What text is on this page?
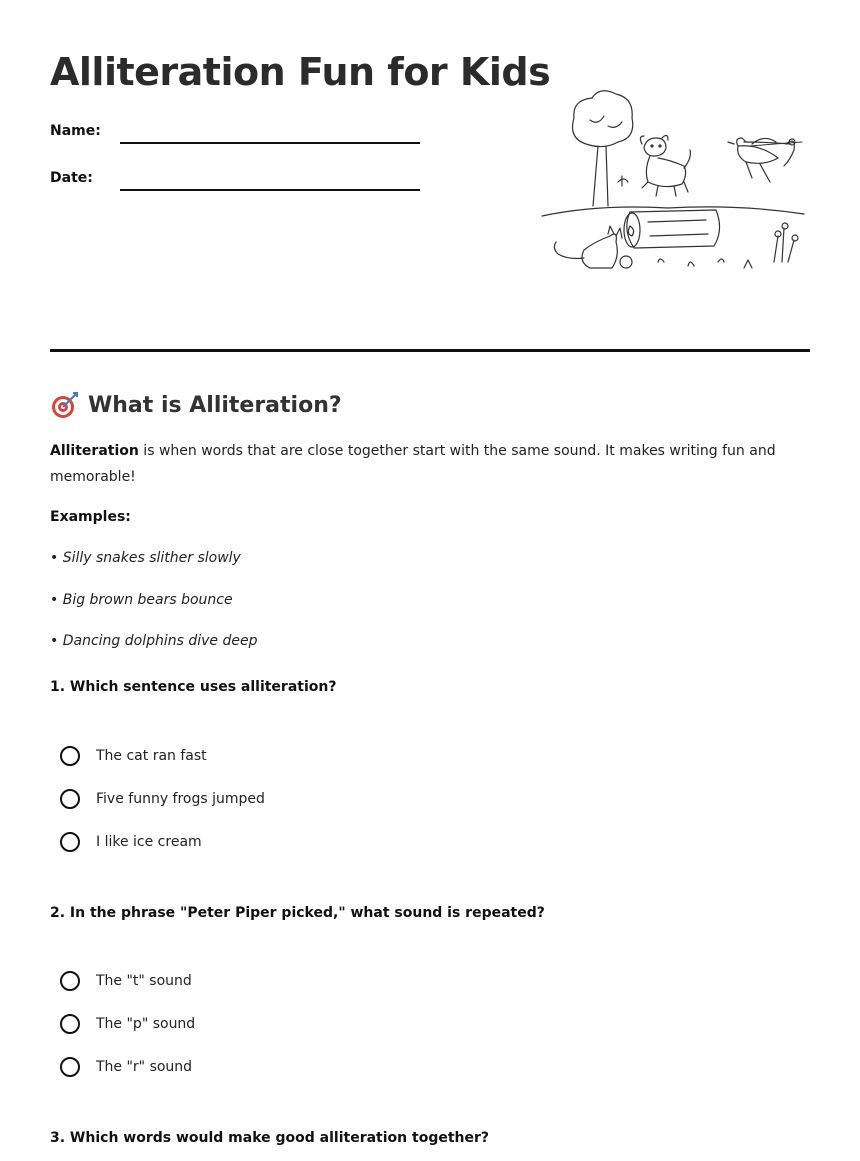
Alliteration Fun for Kids
Name:
Date:
What is Alliteration?

Alliteration is when words that are close together start with the same sound. It makes writing fun and memorable!

Examples:

• Silly snakes slither slowly

• Big brown bears bounce

• Dancing dolphins dive deep

1. Which sentence uses alliteration?

The cat ran fast
Five funny frogs jumped
I like ice cream

2. In the phrase "Peter Piper picked," what sound is repeated?

The "t" sound
The "p" sound
The "r" sound

3. Which words would make good alliteration together?
